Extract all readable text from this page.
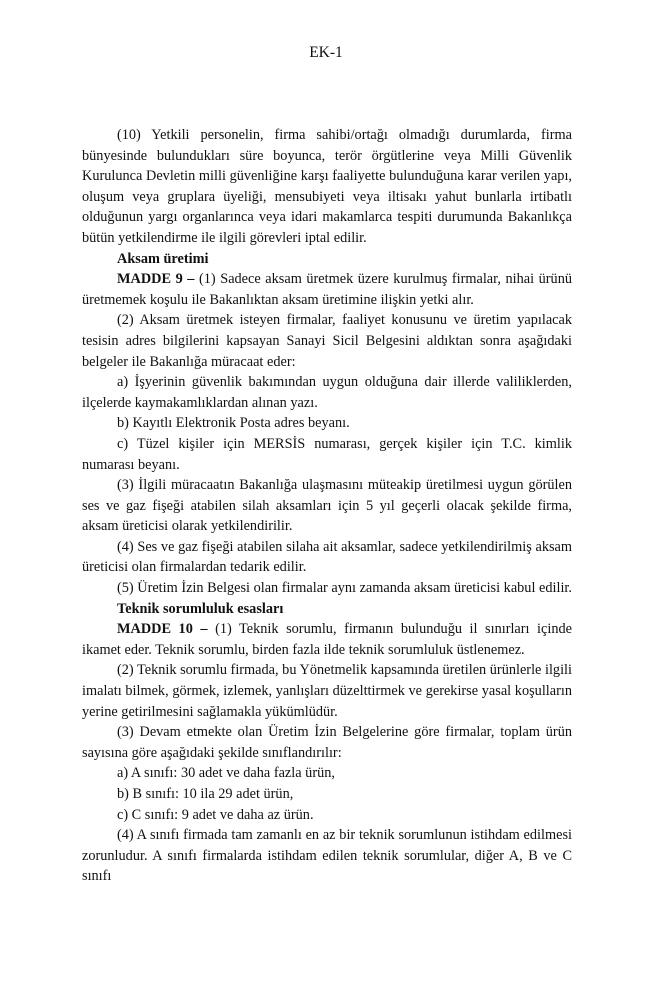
EK-1

(10) Yetkili personelin, firma sahibi/ortağı olmadığı durumlarda, firma bünyesinde bulundukları süre boyunca, terör örgütlerine veya Milli Güvenlik Kurulunca Devletin milli güvenliğine karşı faaliyette bulunduğuna karar verilen yapı, oluşum veya gruplara üyeliği, mensubiyeti veya iltisakı yahut bunlarla irtibatlı olduğunun yargı organlarınca veya idari makamlarca tespiti durumunda Bakanlıkça bütün yetkilendirme ile ilgili görevleri iptal edilir.

Aksam üretimi

MADDE 9 – (1) Sadece aksam üretmek üzere kurulmuş firmalar, nihai ürünü üretmemek koşulu ile Bakanlıktan aksam üretimine ilişkin yetki alır.

(2) Aksam üretmek isteyen firmalar, faaliyet konusunu ve üretim yapılacak tesisin adres bilgilerini kapsayan Sanayi Sicil Belgesini aldıktan sonra aşağıdaki belgeler ile Bakanlığa müracaat eder:

a) İşyerinin güvenlik bakımından uygun olduğuna dair illerde valiliklerden, ilçelerde kaymakamlıklardan alınan yazı.

b) Kayıtlı Elektronik Posta adres beyanı.

c) Tüzel kişiler için MERSİS numarası, gerçek kişiler için T.C. kimlik numarası beyanı.

(3) İlgili müracaatın Bakanlığa ulaşmasını müteakip üretilmesi uygun görülen ses ve gaz fişeği atabilen silah aksamları için 5 yıl geçerli olacak şekilde firma, aksam üreticisi olarak yetkilendirilir.

(4) Ses ve gaz fişeği atabilen silaha ait aksamlar, sadece yetkilendirilmiş aksam üreticisi olan firmalardan tedarik edilir.

(5) Üretim İzin Belgesi olan firmalar aynı zamanda aksam üreticisi kabul edilir.

Teknik sorumluluk esasları

MADDE 10 – (1) Teknik sorumlu, firmanın bulunduğu il sınırları içinde ikamet eder. Teknik sorumlu, birden fazla ilde teknik sorumluluk üstlenemez.

(2) Teknik sorumlu firmada, bu Yönetmelik kapsamında üretilen ürünlerle ilgili imalatı bilmek, görmek, izlemek, yanlışları düzelttirmek ve gerekirse yasal koşulların yerine getirilmesini sağlamakla yükümlüdür.

(3) Devam etmekte olan Üretim İzin Belgelerine göre firmalar, toplam ürün sayısına göre aşağıdaki şekilde sınıflandırılır:

a) A sınıfı: 30 adet ve daha fazla ürün,

b) B sınıfı: 10 ila 29 adet ürün,

c) C sınıfı: 9 adet ve daha az ürün.

(4) A sınıfı firmada tam zamanlı en az bir teknik sorumlunun istihdam edilmesi zorunludur. A sınıfı firmalarda istihdam edilen teknik sorumlular, diğer A, B ve C sınıfı
